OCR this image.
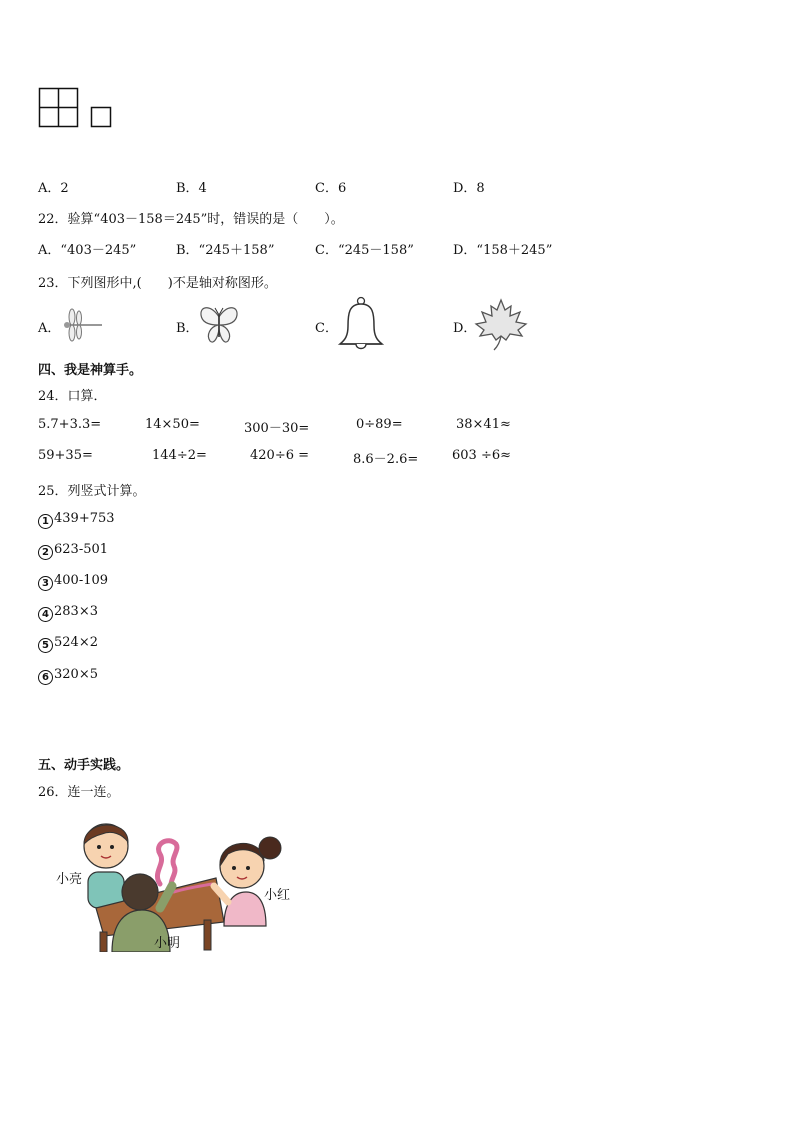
A．2	B．4	C．6	D．8
22．验算“403－158＝245”时，错误的是（　　）。
A．“403－245”	B．“245＋158”	C．“245－158”	D．“158＋245”
23．下列图形中,(　　)不是轴对称图形。
A．	B．	C．	D．
四、我是神算手。
24．口算．
5.7+3.3=	14×50=	300－30=	0÷89=	38×41≈
59+35=	144÷2=	420÷6 =	8.6－2.6=	603 ÷6≈
25．列竖式计算。
1 439+753
2 623-501
3 400-109
4 283×3
5 524×2
6 320×5
五、动手实践。
26．连一连。
小亮
小明
小红
